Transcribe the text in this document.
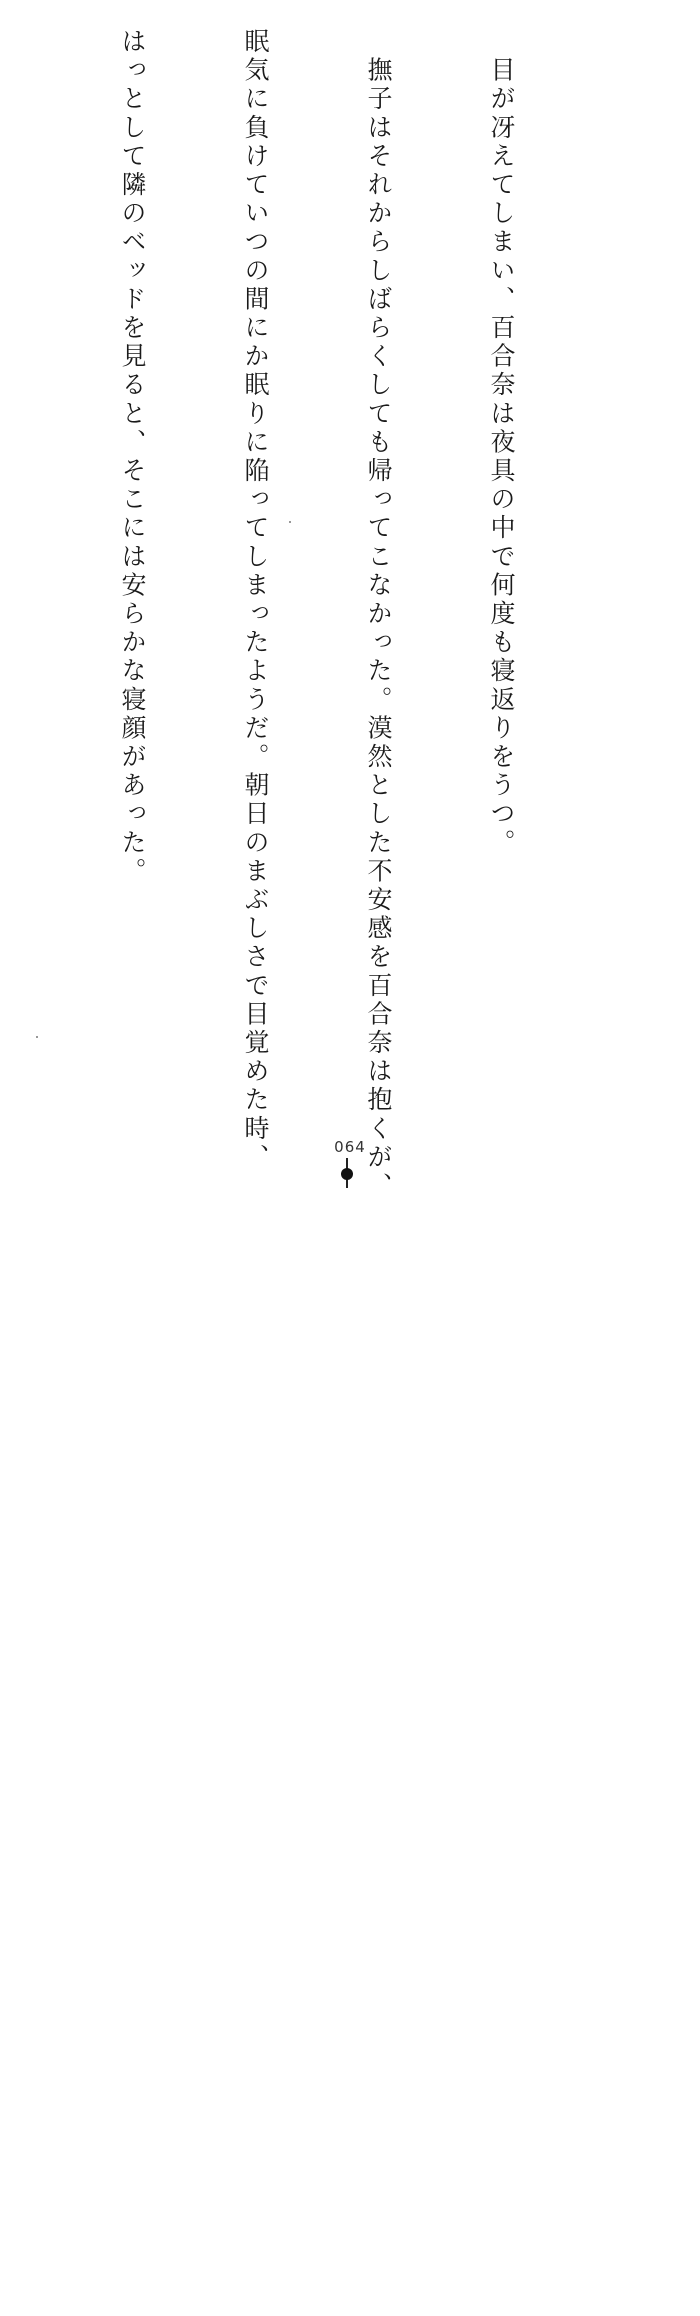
　目が冴えてしまい、百合奈は夜具の中で何度も寝返りをうつ。

　撫子はそれからしばらくしても帰ってこなかった。漠然とした不安感を百合奈は抱くが、

眠気に負けていつの間にか眠りに陥ってしまったようだ。朝日のまぶしさで目覚めた時、

はっとして隣のベッドを見ると、そこには安らかな寝顔があった。

064
